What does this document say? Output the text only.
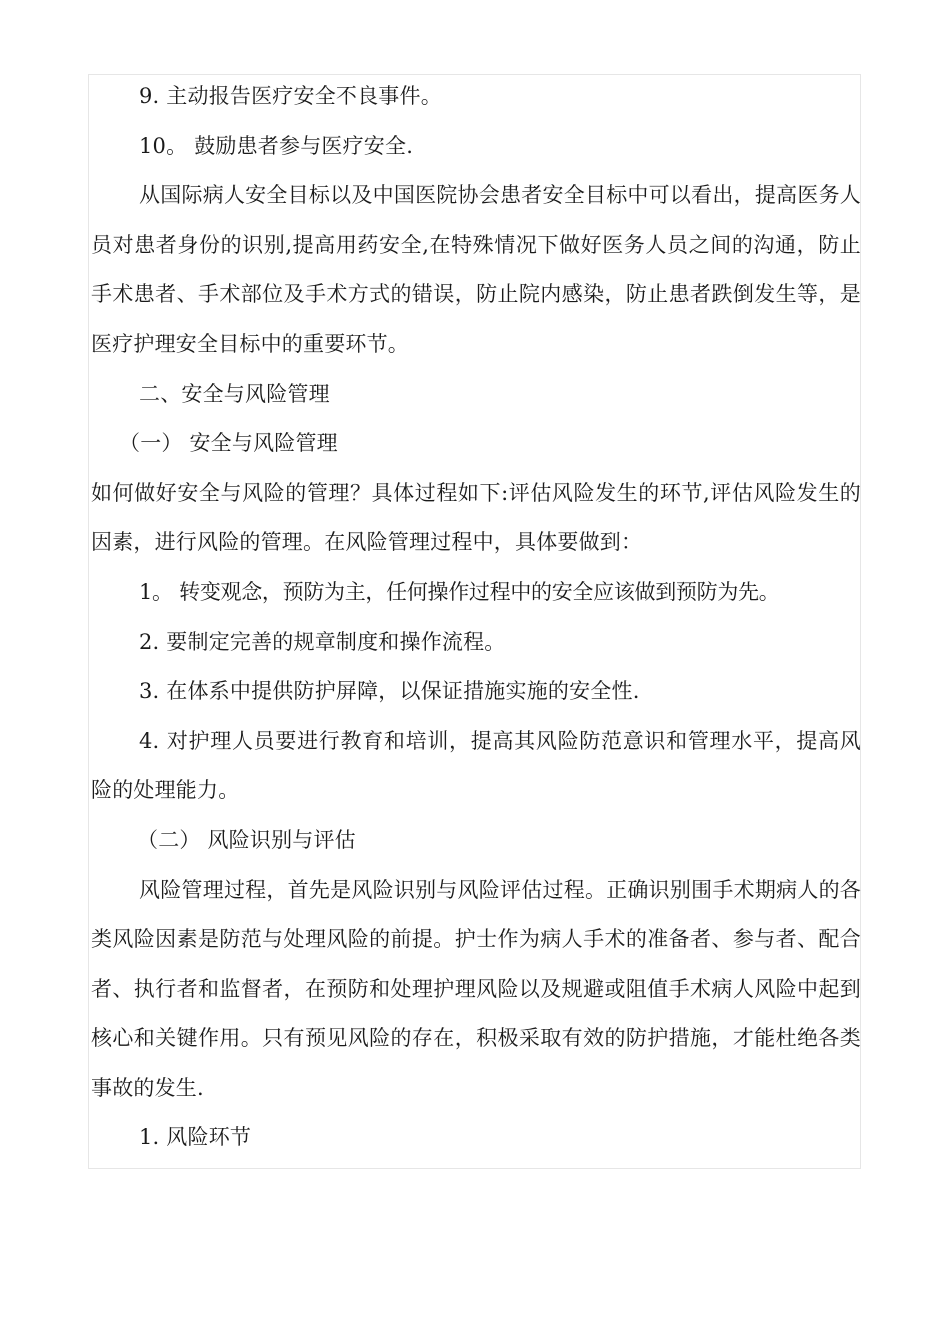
9. 主动报告医疗安全不良事件。

10。 鼓励患者参与医疗安全.

从国际病人安全目标以及中国医院协会患者安全目标中可以看出，提高医务人员对患者身份的识别,提高用药安全,在特殊情况下做好医务人员之间的沟通，防止手术患者、手术部位及手术方式的错误，防止院内感染，防止患者跌倒发生等，是医疗护理安全目标中的重要环节。

二、安全与风险管理

（一） 安全与风险管理

如何做好安全与风险的管理？具体过程如下:评估风险发生的环节,评估风险发生的因素，进行风险的管理。在风险管理过程中，具体要做到：

1。 转变观念，预防为主，任何操作过程中的安全应该做到预防为先。

2. 要制定完善的规章制度和操作流程。

3. 在体系中提供防护屏障，以保证措施实施的安全性.

4. 对护理人员要进行教育和培训，提高其风险防范意识和管理水平，提高风险的处理能力。

（二） 风险识别与评估

风险管理过程，首先是风险识别与风险评估过程。正确识别围手术期病人的各类风险因素是防范与处理风险的前提。护士作为病人手术的准备者、参与者、配合者、执行者和监督者，在预防和处理护理风险以及规避或阻值手术病人风险中起到核心和关键作用。只有预见风险的存在，积极采取有效的防护措施，才能杜绝各类事故的发生.

1. 风险环节
